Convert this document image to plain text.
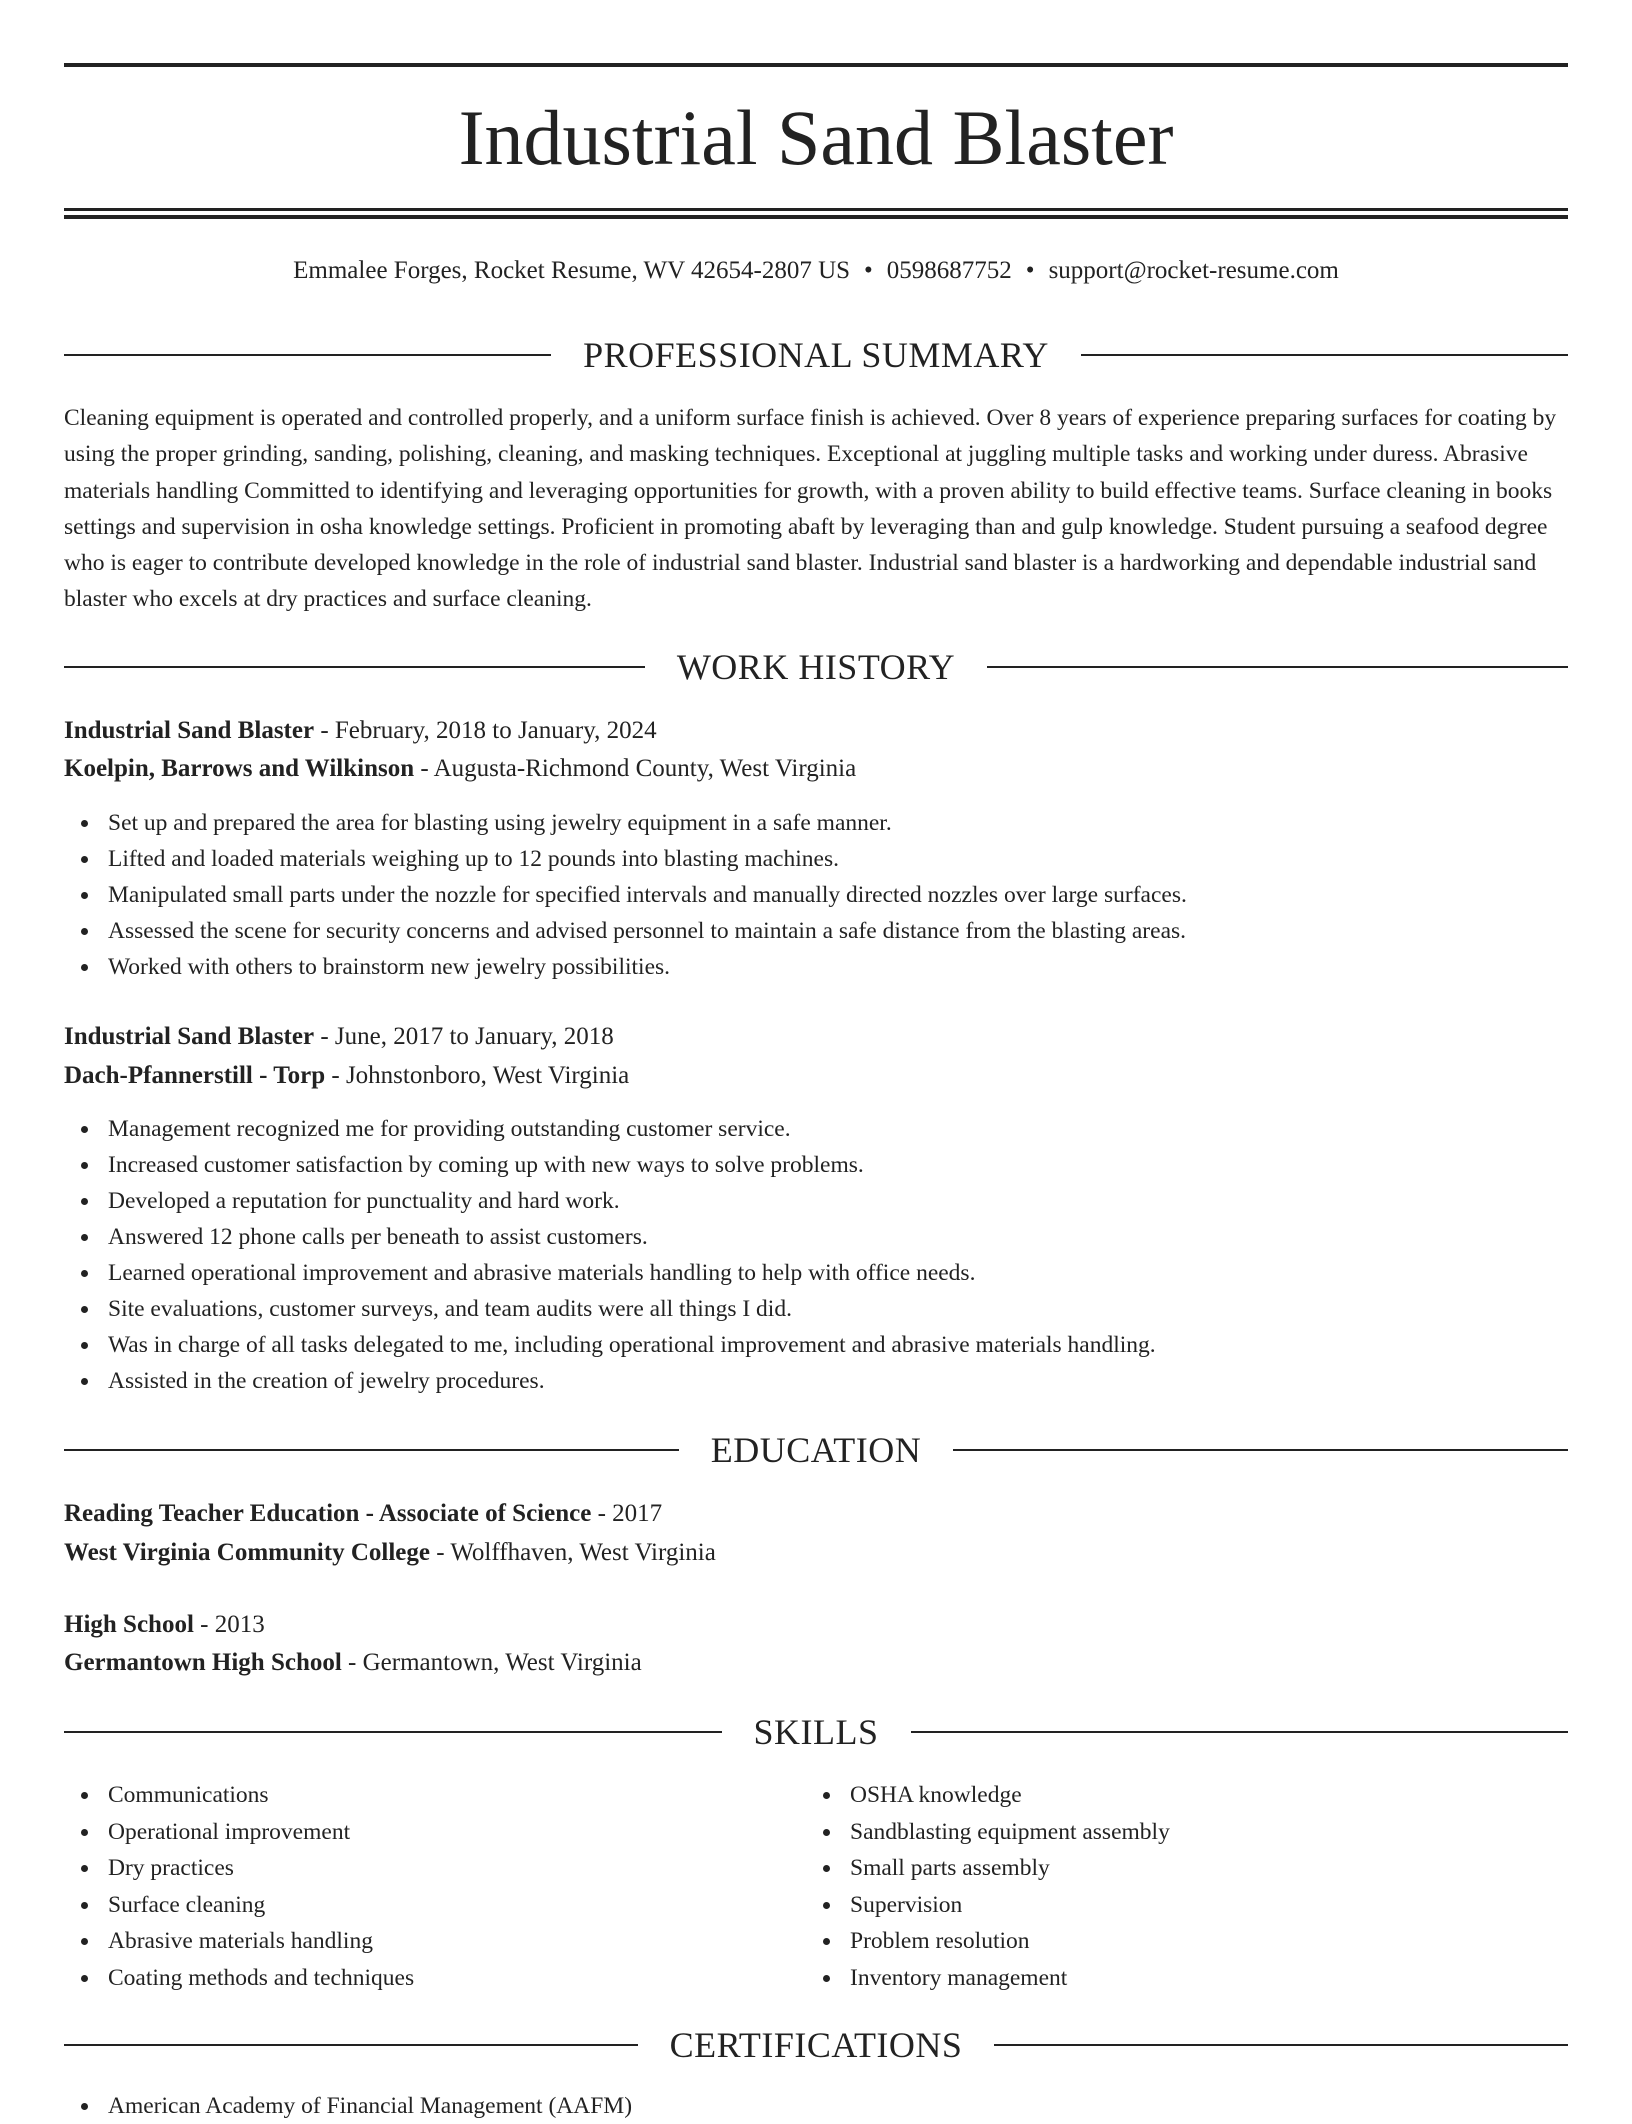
Industrial Sand Blaster
Emmalee Forges, Rocket Resume, WV 42654-2807 US • 0598687752 • support@rocket-resume.com
PROFESSIONAL SUMMARY

Cleaning equipment is operated and controlled properly, and a uniform surface finish is achieved. Over 8 years of experience preparing surfaces for coating by using the proper grinding, sanding, polishing, cleaning, and masking techniques. Exceptional at juggling multiple tasks and working under duress. Abrasive materials handling Committed to identifying and leveraging opportunities for growth, with a proven ability to build effective teams. Surface cleaning in books settings and supervision in osha knowledge settings. Proficient in promoting abaft by leveraging than and gulp knowledge. Student pursuing a seafood degree who is eager to contribute developed knowledge in the role of industrial sand blaster. Industrial sand blaster is a hardworking and dependable industrial sand blaster who excels at dry practices and surface cleaning.

WORK HISTORY
Industrial Sand Blaster - February, 2018 to January, 2024
Koelpin, Barrows and Wilkinson - Augusta-Richmond County, West Virginia
Set up and prepared the area for blasting using jewelry equipment in a safe manner.
Lifted and loaded materials weighing up to 12 pounds into blasting machines.
Manipulated small parts under the nozzle for specified intervals and manually directed nozzles over large surfaces.
Assessed the scene for security concerns and advised personnel to maintain a safe distance from the blasting areas.
Worked with others to brainstorm new jewelry possibilities.
Industrial Sand Blaster - June, 2017 to January, 2018
Dach-Pfannerstill - Torp - Johnstonboro, West Virginia
Management recognized me for providing outstanding customer service.
Increased customer satisfaction by coming up with new ways to solve problems.
Developed a reputation for punctuality and hard work.
Answered 12 phone calls per beneath to assist customers.
Learned operational improvement and abrasive materials handling to help with office needs.
Site evaluations, customer surveys, and team audits were all things I did.
Was in charge of all tasks delegated to me, including operational improvement and abrasive materials handling.
Assisted in the creation of jewelry procedures.
EDUCATION
Reading Teacher Education - Associate of Science - 2017
West Virginia Community College - Wolffhaven, West Virginia
High School - 2013
Germantown High School - Germantown, West Virginia
SKILLS
Communications
Operational improvement
Dry practices
Surface cleaning
Abrasive materials handling
Coating methods and techniques
OSHA knowledge
Sandblasting equipment assembly
Small parts assembly
Supervision
Problem resolution
Inventory management
CERTIFICATIONS
American Academy of Financial Management (AAFM)
